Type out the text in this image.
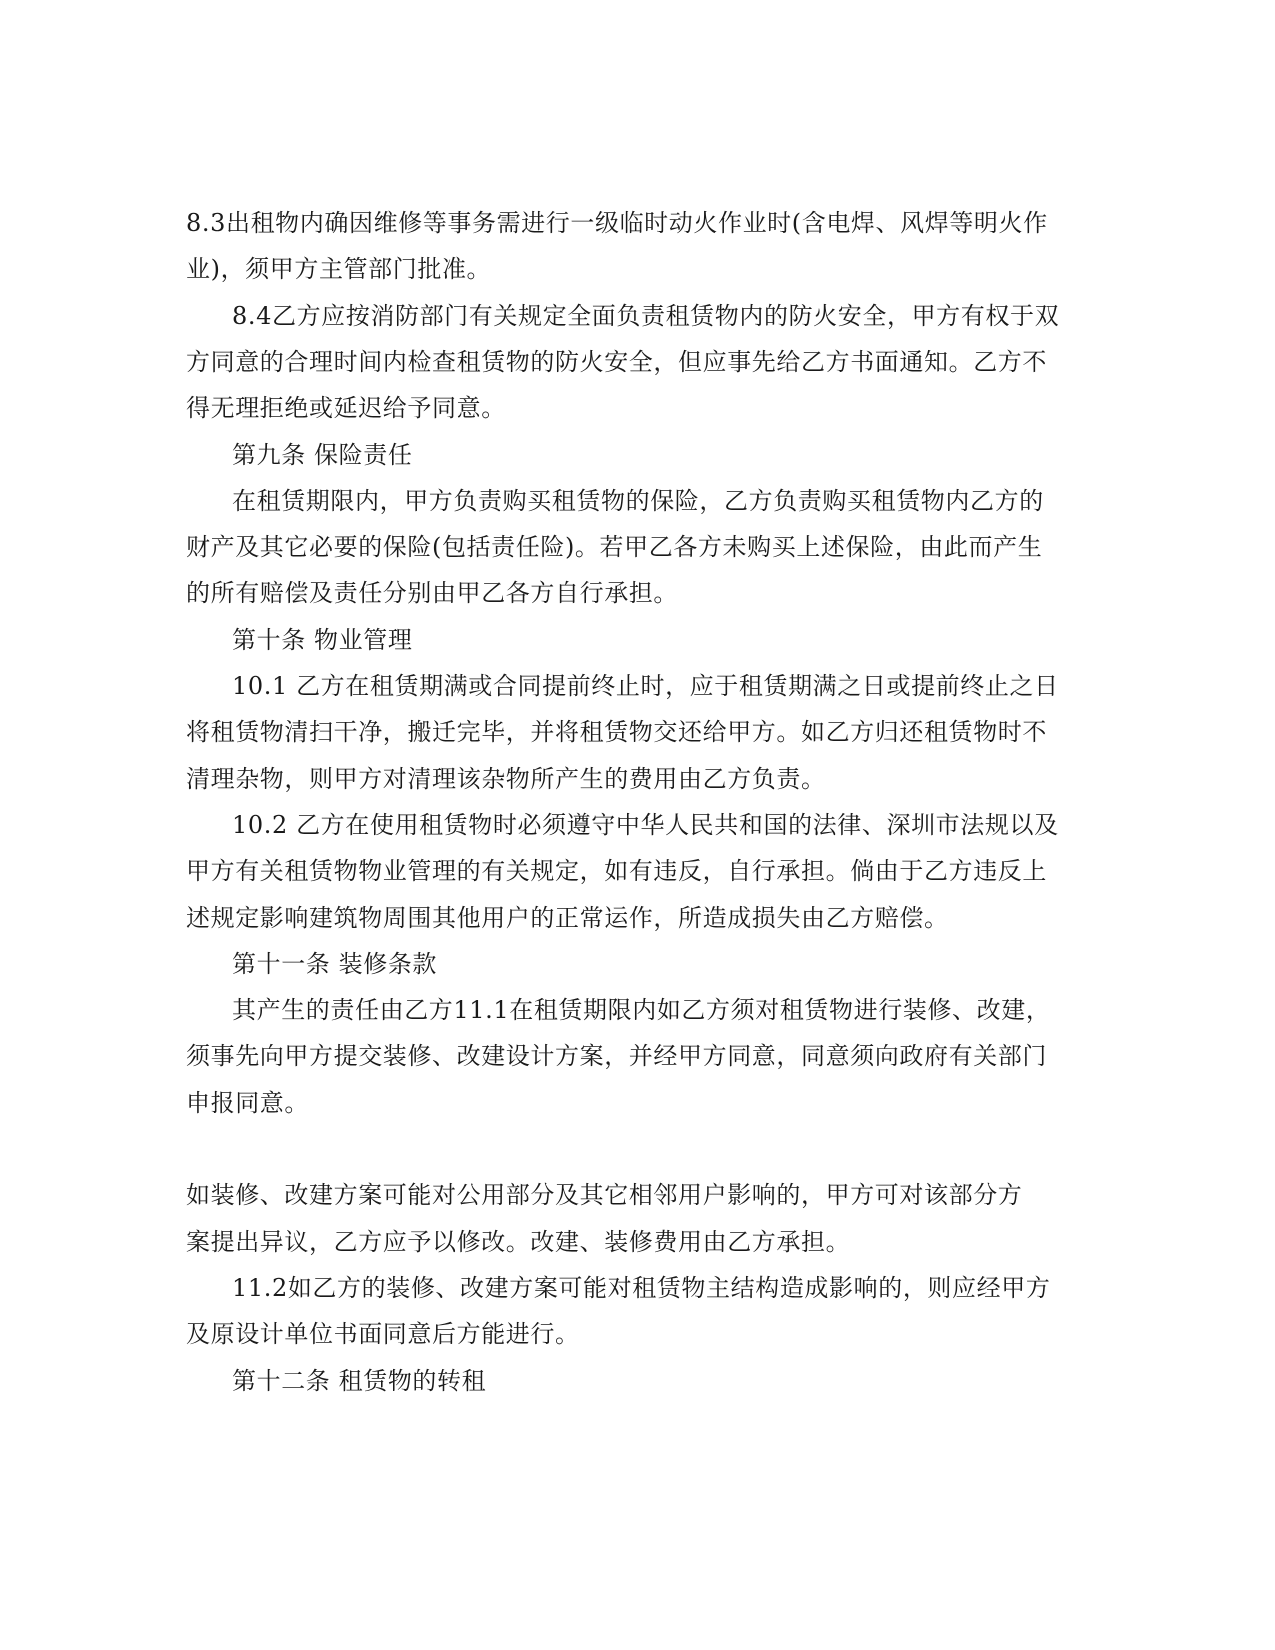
8.3出租物内确因维修等事务需进行一级临时动火作业时(含电焊、风焊等明火作
业)，须甲方主管部门批准。
8.4乙方应按消防部门有关规定全面负责租赁物内的防火安全，甲方有权于双
方同意的合理时间内检查租赁物的防火安全，但应事先给乙方书面通知。乙方不
得无理拒绝或延迟给予同意。
第九条 保险责任
在租赁期限内，甲方负责购买租赁物的保险，乙方负责购买租赁物内乙方的
财产及其它必要的保险(包括责任险)。若甲乙各方未购买上述保险，由此而产生
的所有赔偿及责任分别由甲乙各方自行承担。
第十条 物业管理
10.1 乙方在租赁期满或合同提前终止时，应于租赁期满之日或提前终止之日
将租赁物清扫干净，搬迁完毕，并将租赁物交还给甲方。如乙方归还租赁物时不
清理杂物，则甲方对清理该杂物所产生的费用由乙方负责。
10.2 乙方在使用租赁物时必须遵守中华人民共和国的法律、深圳市法规以及
甲方有关租赁物物业管理的有关规定，如有违反，自行承担。倘由于乙方违反上
述规定影响建筑物周围其他用户的正常运作，所造成损失由乙方赔偿。
第十一条 装修条款
其产生的责任由乙方11.1在租赁期限内如乙方须对租赁物进行装修、改建，
须事先向甲方提交装修、改建设计方案，并经甲方同意，同意须向政府有关部门
申报同意。
如装修、改建方案可能对公用部分及其它相邻用户影响的，甲方可对该部分方
案提出异议，乙方应予以修改。改建、装修费用由乙方承担。
11.2如乙方的装修、改建方案可能对租赁物主结构造成影响的，则应经甲方
及原设计单位书面同意后方能进行。
第十二条 租赁物的转租
